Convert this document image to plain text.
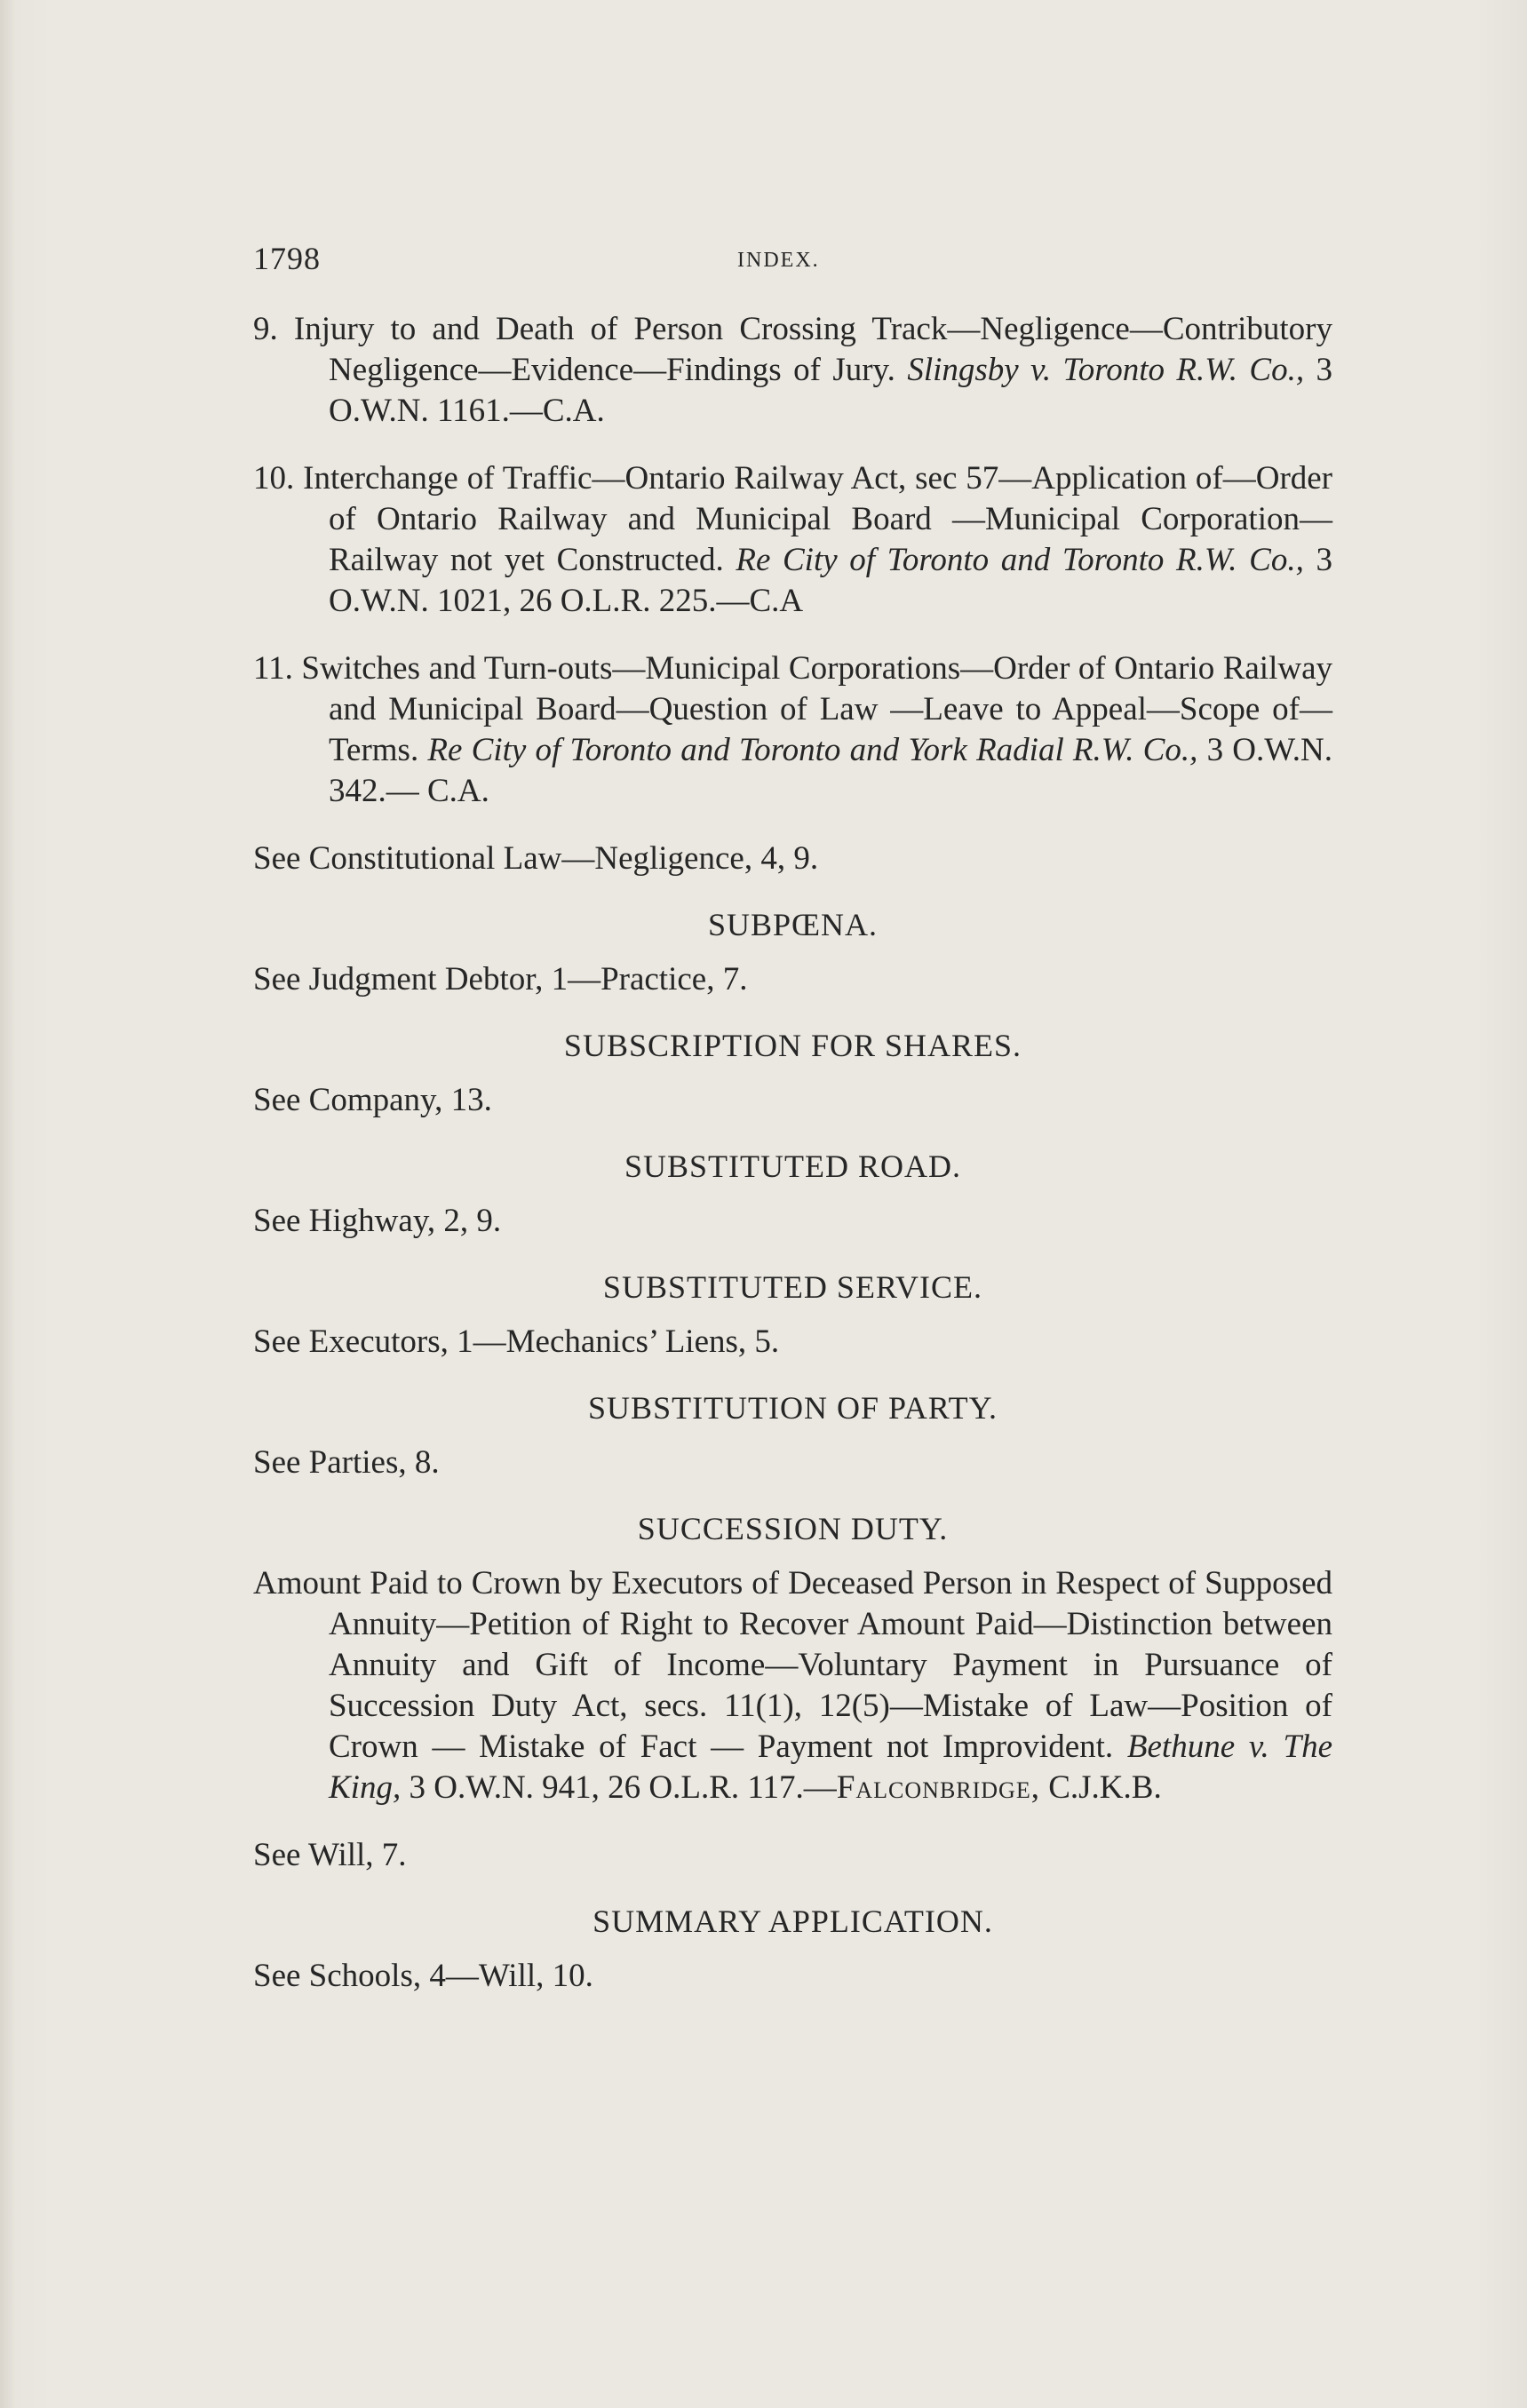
1798	INDEX.

9. Injury to and Death of Person Crossing Track—Negligence—Contributory Negligence—Evidence—Findings of Jury. Slingsby v. Toronto R.W. Co., 3 O.W.N. 1161.—C.A.

10. Interchange of Traffic—Ontario Railway Act, sec 57—Application of—Order of Ontario Railway and Municipal Board —Municipal Corporation—Railway not yet Constructed. Re City of Toronto and Toronto R.W. Co., 3 O.W.N. 1021, 26 O.L.R. 225.—C.A

11. Switches and Turn-outs—Municipal Corporations—Order of Ontario Railway and Municipal Board—Question of Law —Leave to Appeal—Scope of—Terms. Re City of Toronto and Toronto and York Radial R.W. Co., 3 O.W.N. 342.— C.A.

See Constitutional Law—Negligence, 4, 9.

SUBPŒNA.

See Judgment Debtor, 1—Practice, 7.

SUBSCRIPTION FOR SHARES.

See Company, 13.

SUBSTITUTED ROAD.

See Highway, 2, 9.

SUBSTITUTED SERVICE.

See Executors, 1—Mechanics’ Liens, 5.

SUBSTITUTION OF PARTY.

See Parties, 8.

SUCCESSION DUTY.

Amount Paid to Crown by Executors of Deceased Person in Respect of Supposed Annuity—Petition of Right to Recover Amount Paid—Distinction between Annuity and Gift of Income—Voluntary Payment in Pursuance of Succession Duty Act, secs. 11(1), 12(5)—Mistake of Law—Position of Crown — Mistake of Fact — Payment not Improvident. Bethune v. The King, 3 O.W.N. 941, 26 O.L.R. 117.—Falconbridge, C.J.K.B.

See Will, 7.

SUMMARY APPLICATION.

See Schools, 4—Will, 10.
